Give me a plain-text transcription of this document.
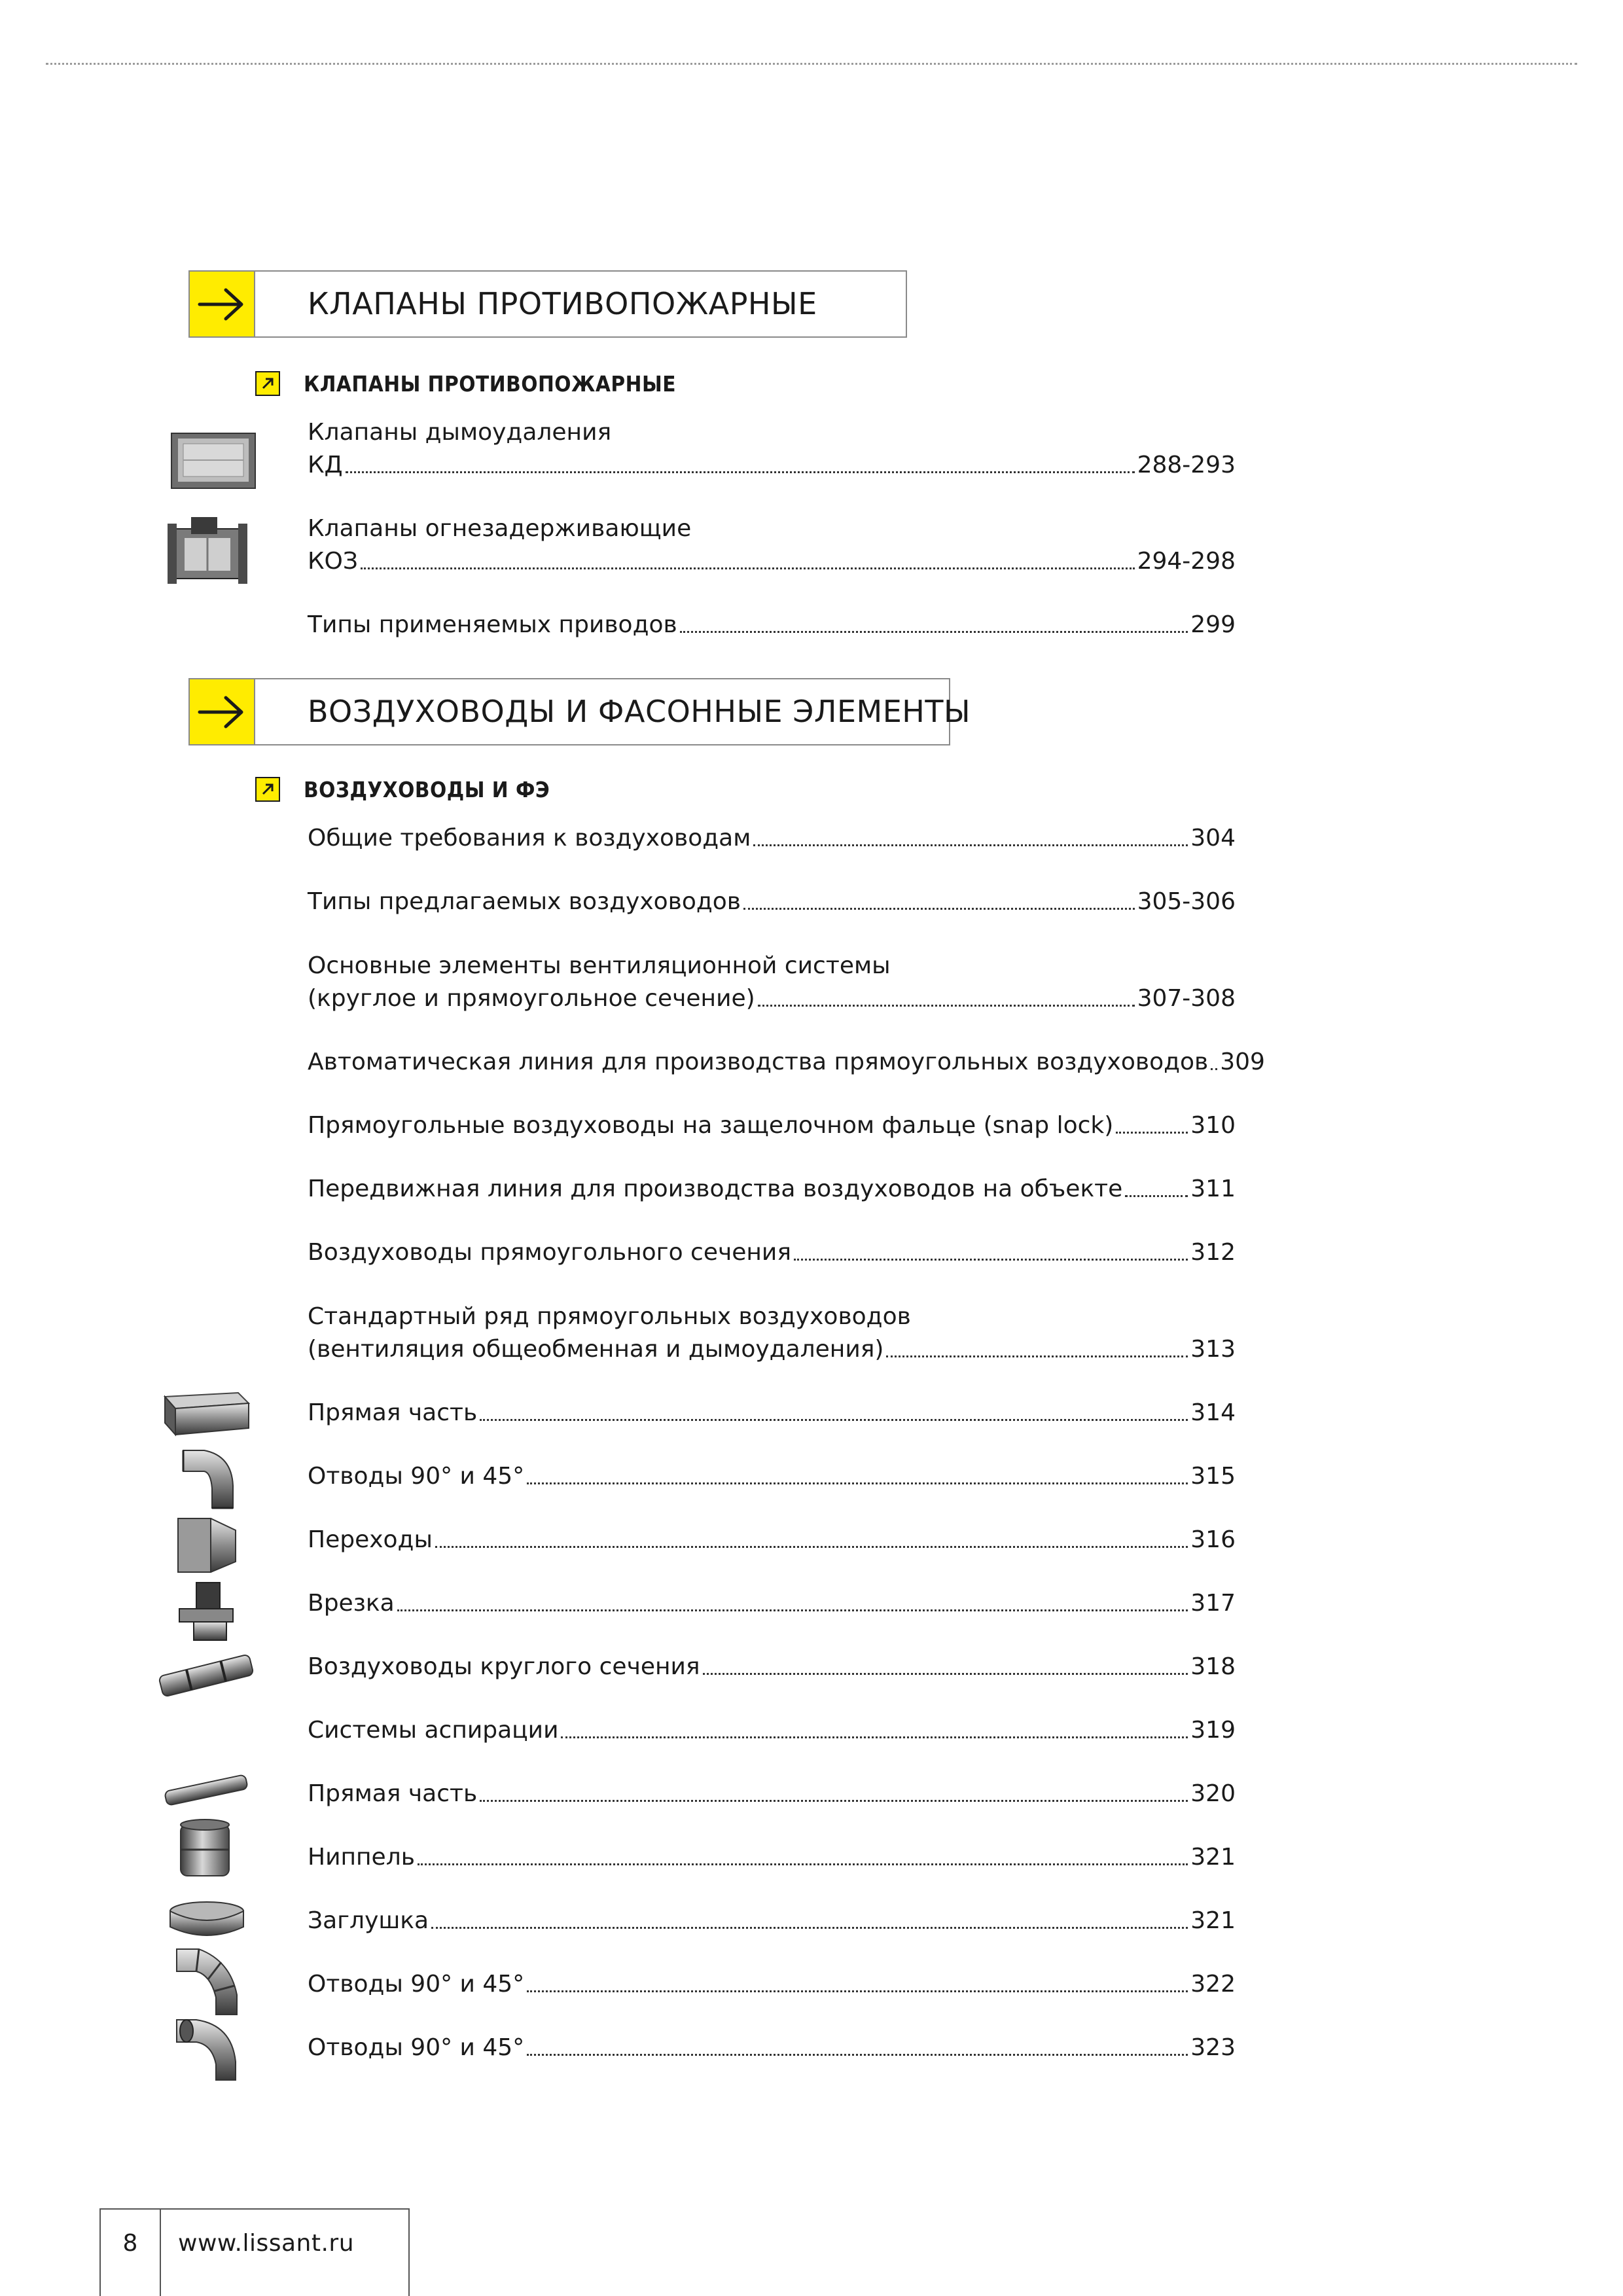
КЛАПАНЫ ПРОТИВОПОЖАРНЫЕ
КЛАПАНЫ ПРОТИВОПОЖАРНЫЕ
Клапаны дымоудаления
КД	288-293
Клапаны огнезадерживающие
КОЗ	294-298
Типы применяемых приводов	299
ВОЗДУХОВОДЫ И ФАСОННЫЕ ЭЛЕМЕНТЫ
ВОЗДУХОВОДЫ И ФЭ
Общие требования к воздуховодам	304
Типы предлагаемых воздуховодов	305-306
Основные элементы вентиляционной системы
(круглое и прямоугольное сечение)	307-308
Автоматическая линия для производства прямоугольных воздуховодов 309
Прямоугольные воздуховоды на защелочном фальце (snap lock)	310
Передвижная линия для производства воздуховодов на объекте	311
Воздуховоды прямоугольного сечения	312
Стандартный ряд прямоугольных воздуховодов
(вентиляция общеобменная и дымоудаления)	313
Прямая часть	314
Отводы 90° и 45°	315
Переходы	316
Врезка	317
Воздуховоды круглого сечения	318
Системы аспирации	319
Прямая часть	320
Ниппель	321
Заглушка	321
Отводы 90° и 45°	322
Отводы 90° и 45°	323
8	www.lissant.ru
